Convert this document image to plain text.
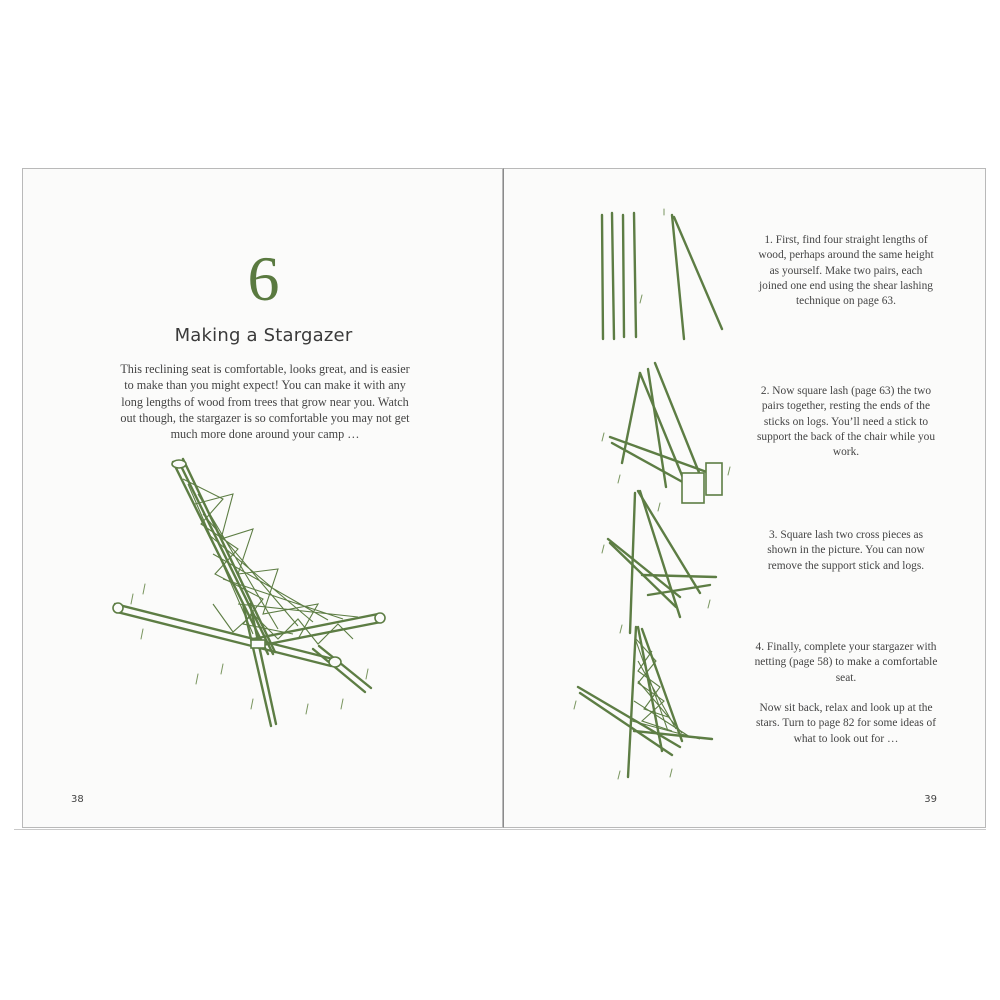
6
Making a Stargazer

This reclining seat is comfortable, looks great, and is easier to make than you might expect! You can make it with any long lengths of wood from trees that grow near you. Watch out though, the stargazer is so comfortable you may not get much more done around your camp …

38

1. First, find four straight lengths of wood, perhaps around the same height as yourself. Make two pairs, each joined one end using the shear lashing technique on page 63.

2. Now square lash (page 63) the two pairs together, resting the ends of the sticks on logs. You’ll need a stick to support the back of the chair while you work.

3. Square lash two cross pieces as shown in the picture. You can now remove the support stick and logs.

4. Finally, complete your stargazer with netting (page 58) to make a comfortable seat.

Now sit back, relax and look up at the stars. Turn to page 82 for some ideas of what to look out for …

39
